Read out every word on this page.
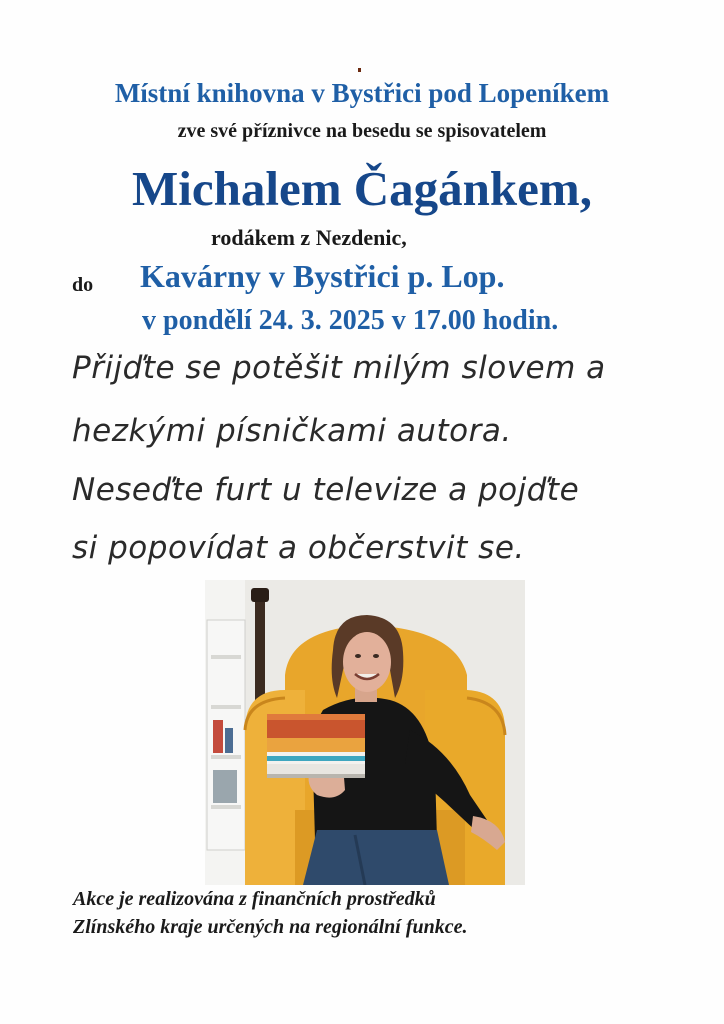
Místní knihovna v Bystřici pod Lopeníkem
zve své příznivce na besedu se spisovatelem
Michalem Čagánkem,
rodákem z Nezdenic,
do Kavárny v Bystřici p. Lop.
v pondělí 24. 3. 2025 v 17.00 hodin.
Přijďte se potěšit milým slovem a
hezkými písničkami autora.
Neseďte furt u televize a pojďte
si popovídat a občerstvit se.
Akce je realizována z finančních prostředků
Zlínského kraje určených na regionální funkce.
